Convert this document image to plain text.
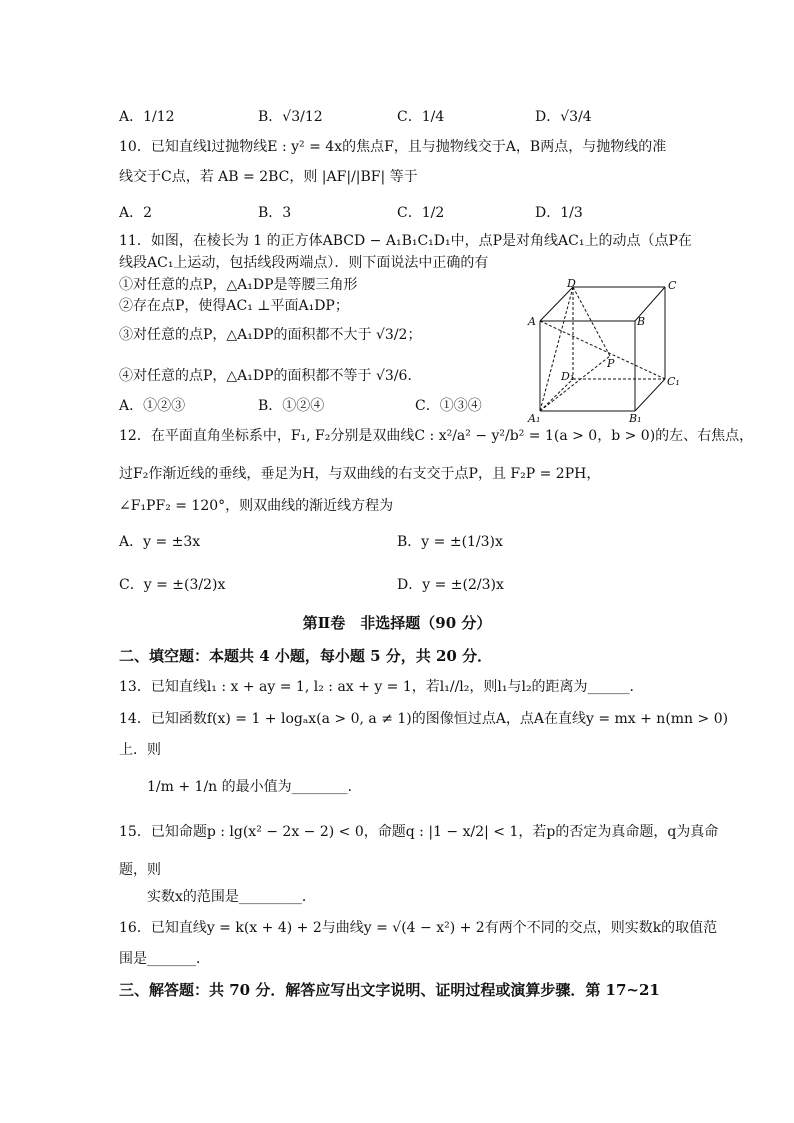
A．1/12	B．√3/12	C．1/4	D．√3/4
10．已知直线l过抛物线E : y² = 4x的焦点F，且与抛物线交于A，B两点，与抛物线的准
线交于C点，若 AB = 2BC，则 |AF|/|BF| 等于
A．2	B．3	C．1/2	D．1/3
11．如图，在棱长为 1 的正方体ABCD − A₁B₁C₁D₁中，点P是对角线AC₁上的动点（点P在
线段AC₁上运动，包括线段两端点）．则下面说法中正确的有
①对任意的点P，△A₁DP是等腰三角形
②存在点P，使得AC₁ ⊥平面A₁DP；
③对任意的点P，△A₁DP的面积都不大于 √3/2；
④对任意的点P，△A₁DP的面积都不等于 √3/6．
A．①②③	B．①②④	C．①③④
D	C
A	B
D₁	C₁
P
A₁	B₁
12．在平面直角坐标系中，F₁, F₂分别是双曲线C : x²/a² − y²/b² = 1(a > 0，b > 0)的左、右焦点，
过F₂作渐近线的垂线，垂足为H，与双曲线的右支交于点P，且 F₂P = 2PH，
∠F₁PF₂ = 120°，则双曲线的渐近线方程为
A．y = ±3x	B．y = ±(1/3)x
C．y = ±(3/2)x	D．y = ±(2/3)x
第Ⅱ卷　非选择题（90 分）
二、填空题：本题共 4 小题，每小题 5 分，共 20 分．
13．已知直线l₁ : x + ay = 1, l₂ : ax + y = 1，若l₁//l₂，则l₁与l₂的距离为______．
14．已知函数f(x) = 1 + logₐx(a > 0, a ≠ 1)的图像恒过点A，点A在直线y = mx + n(mn > 0)
上．则
1/m + 1/n 的最小值为________．
15．已知命题p : lg(x² − 2x − 2) < 0，命题q : |1 − x/2| < 1，若p的否定为真命题，q为真命
题，则
实数x的范围是_________．
16．已知直线y = k(x + 4) + 2与曲线y = √(4 − x²) + 2有两个不同的交点，则实数k的取值范
围是_______．
三、解答题：共 70 分．解答应写出文字说明、证明过程或演算步骤．第 17~21
